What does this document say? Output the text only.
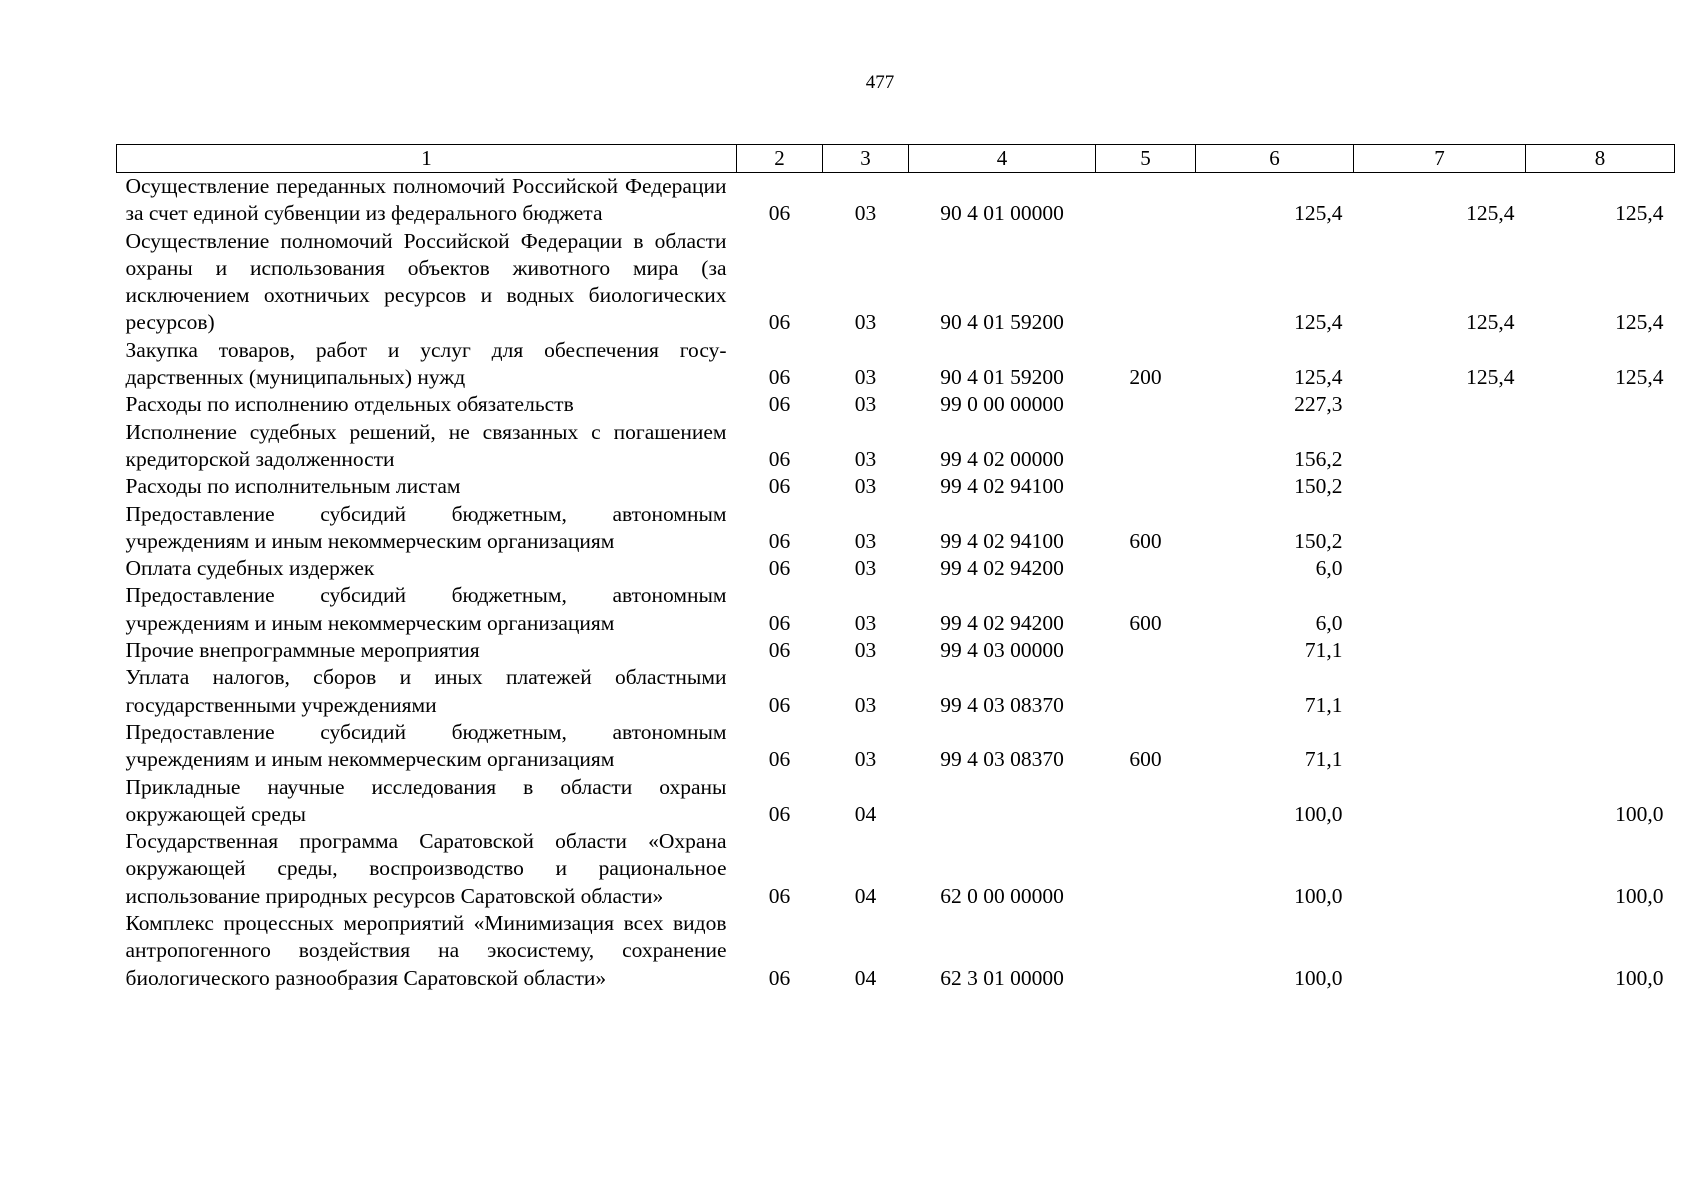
477
1	2	3	4	5	6	7	8
Осуществление переданных полномочий Российской Федерации за счет единой субвенции из федерального бюджета	06	03	90 4 01 00000		125,4	125,4	125,4
Осуществление полномочий Российской Федерации в области охраны и использования объектов животного мира (за исключением охотничьих ресурсов и водных биологических ресурсов)	06	03	90 4 01 59200		125,4	125,4	125,4
Закупка товаров, работ и услуг для обеспечения государственных (муниципальных) нужд	06	03	90 4 01 59200	200	125,4	125,4	125,4
Расходы по исполнению отдельных обязательств	06	03	99 0 00 00000		227,3		
Исполнение судебных решений, не связанных с погашением кредиторской задолженности	06	03	99 4 02 00000		156,2		
Расходы по исполнительным листам	06	03	99 4 02 94100		150,2		
Предоставление субсидий бюджетным, автономным учреждениям и иным некоммерческим организациям	06	03	99 4 02 94100	600	150,2		
Оплата судебных издержек	06	03	99 4 02 94200		6,0		
Предоставление субсидий бюджетным, автономным учреждениям и иным некоммерческим организациям	06	03	99 4 02 94200	600	6,0		
Прочие внепрограммные мероприятия	06	03	99 4 03 00000		71,1		
Уплата налогов, сборов и иных платежей областными государственными учреждениями	06	03	99 4 03 08370		71,1		
Предоставление субсидий бюджетным, автономным учреждениям и иным некоммерческим организациям	06	03	99 4 03 08370	600	71,1		
Прикладные научные исследования в области охраны окружающей среды	06	04			100,0		100,0
Государственная программа Саратовской области «Охрана окружающей среды, воспроизводство и рациональное использование природных ресурсов Саратовской области»	06	04	62 0 00 00000		100,0		100,0
Комплекс процессных мероприятий «Минимизация всех видов антропогенного воздействия на экосистему, сохранение биологического разнообразия Саратовской области»	06	04	62 3 01 00000		100,0		100,0
